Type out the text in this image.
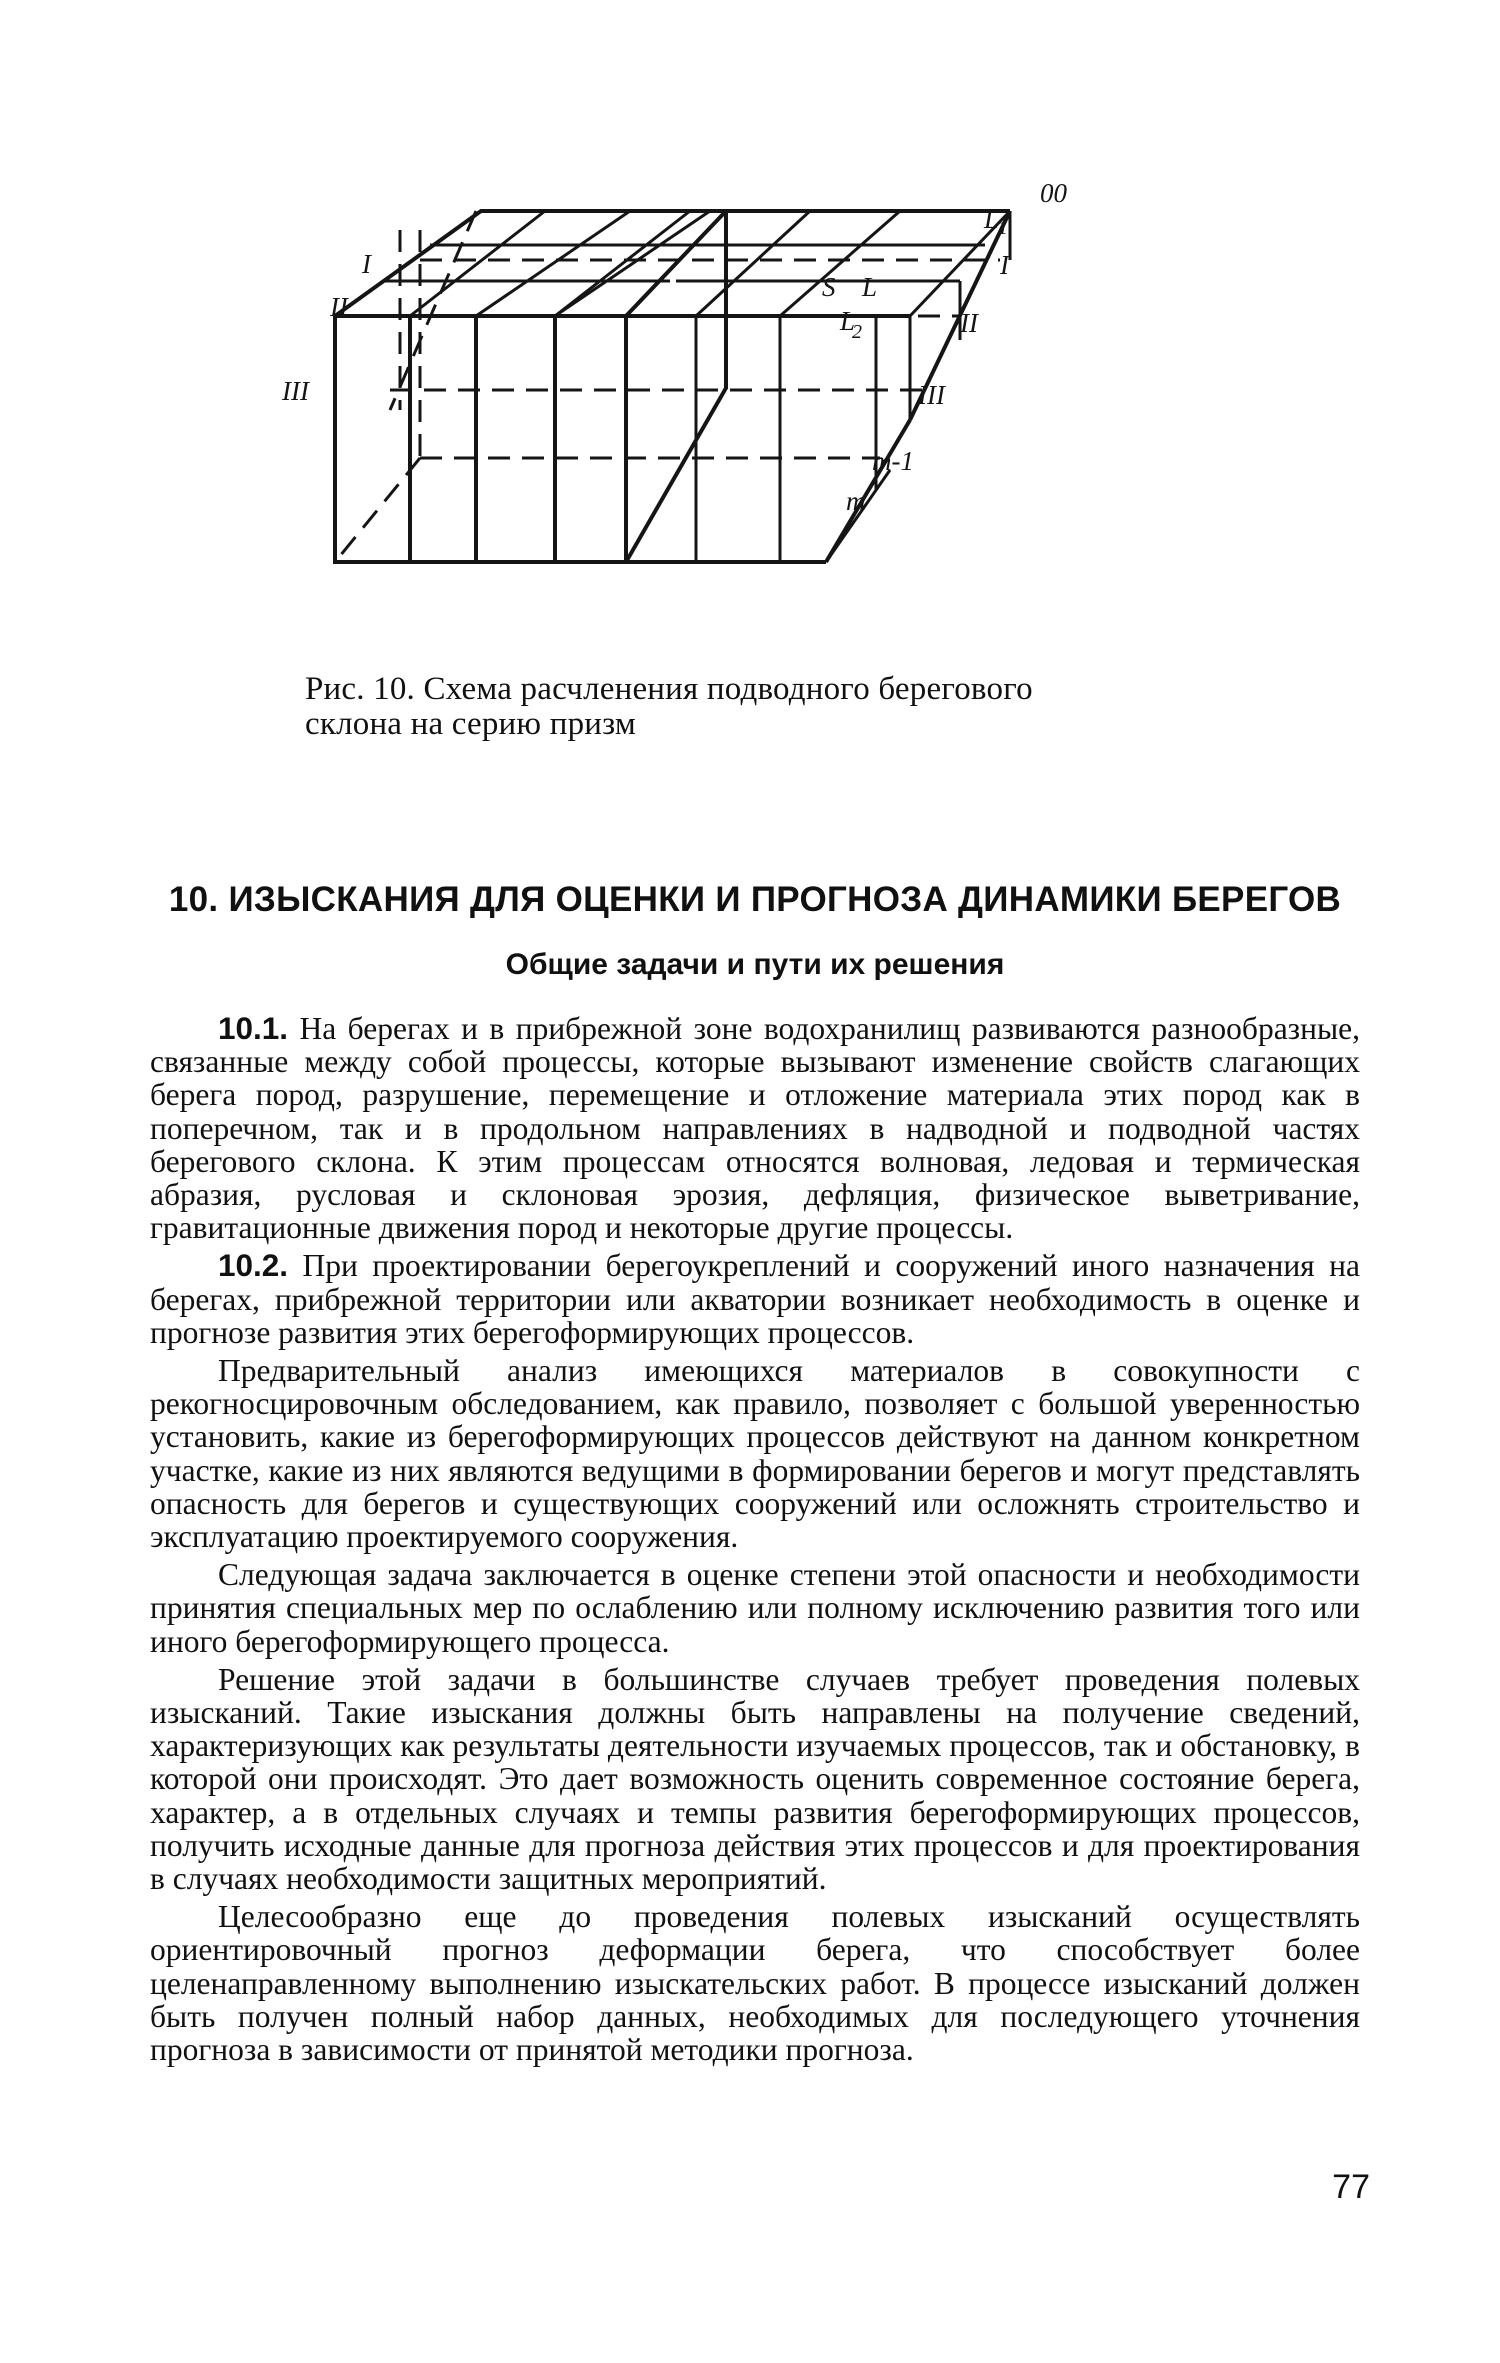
00
I
II
III
I
II
III
m-1
m
L
1
L
S
L
2
Рис. 10. Схема расчленения подводного берегового склона на серию призм
10. ИЗЫСКАНИЯ ДЛЯ ОЦЕНКИ И ПРОГНОЗА ДИНАМИКИ БЕРЕГОВ
Общие задачи и пути их решения

10.1. На берегах и в прибрежной зоне водохранилищ развиваются разнообразные, связанные между собой процессы, которые вызывают изменение свойств слагающих берега пород, разрушение, перемещение и отложение материала этих пород как в поперечном, так и в продольном направлениях в надводной и подводной частях берегового склона. К этим процессам относятся волновая, ледовая и термическая абразия, русловая и склоновая эрозия, дефляция, физическое выветривание, гравитационные движения пород и некоторые другие процессы.

10.2. При проектировании берегоукреплений и сооружений иного назначения на берегах, прибрежной территории или акватории возникает необходимость в оценке и прогнозе развития этих берегоформирующих процессов.

Предварительный анализ имеющихся материалов в совокупности с рекогносцировочным обследованием, как правило, позволяет с большой уверенностью установить, какие из берегоформирующих процессов действуют на данном конкретном участке, какие из них являются ведущими в формировании берегов и могут представлять опасность для берегов и существующих сооружений или осложнять строительство и эксплуатацию проектируемого сооружения.

Следующая задача заключается в оценке степени этой опасности и необходимости принятия специальных мер по ослаблению или полному исключению развития того или иного берегоформирующего процесса.

Решение этой задачи в большинстве случаев требует проведения полевых изысканий. Такие изыскания должны быть направлены на получение сведений, характеризующих как результаты деятельности изучаемых процессов, так и обстановку, в которой они происходят. Это дает возможность оценить современное состояние берега, характер, а в отдельных случаях и темпы развития берегоформирующих процессов, получить исходные данные для прогноза действия этих процессов и для проектирования в случаях необходимости защитных мероприятий.

Целесообразно еще до проведения полевых изысканий осуществлять ориентировочный прогноз деформации берега, что способствует более целенаправленному выполнению изыскательских работ. В процессе изысканий должен быть получен полный набор данных, необходимых для последующего уточнения прогноза в зависимости от принятой методики прогноза.

77
